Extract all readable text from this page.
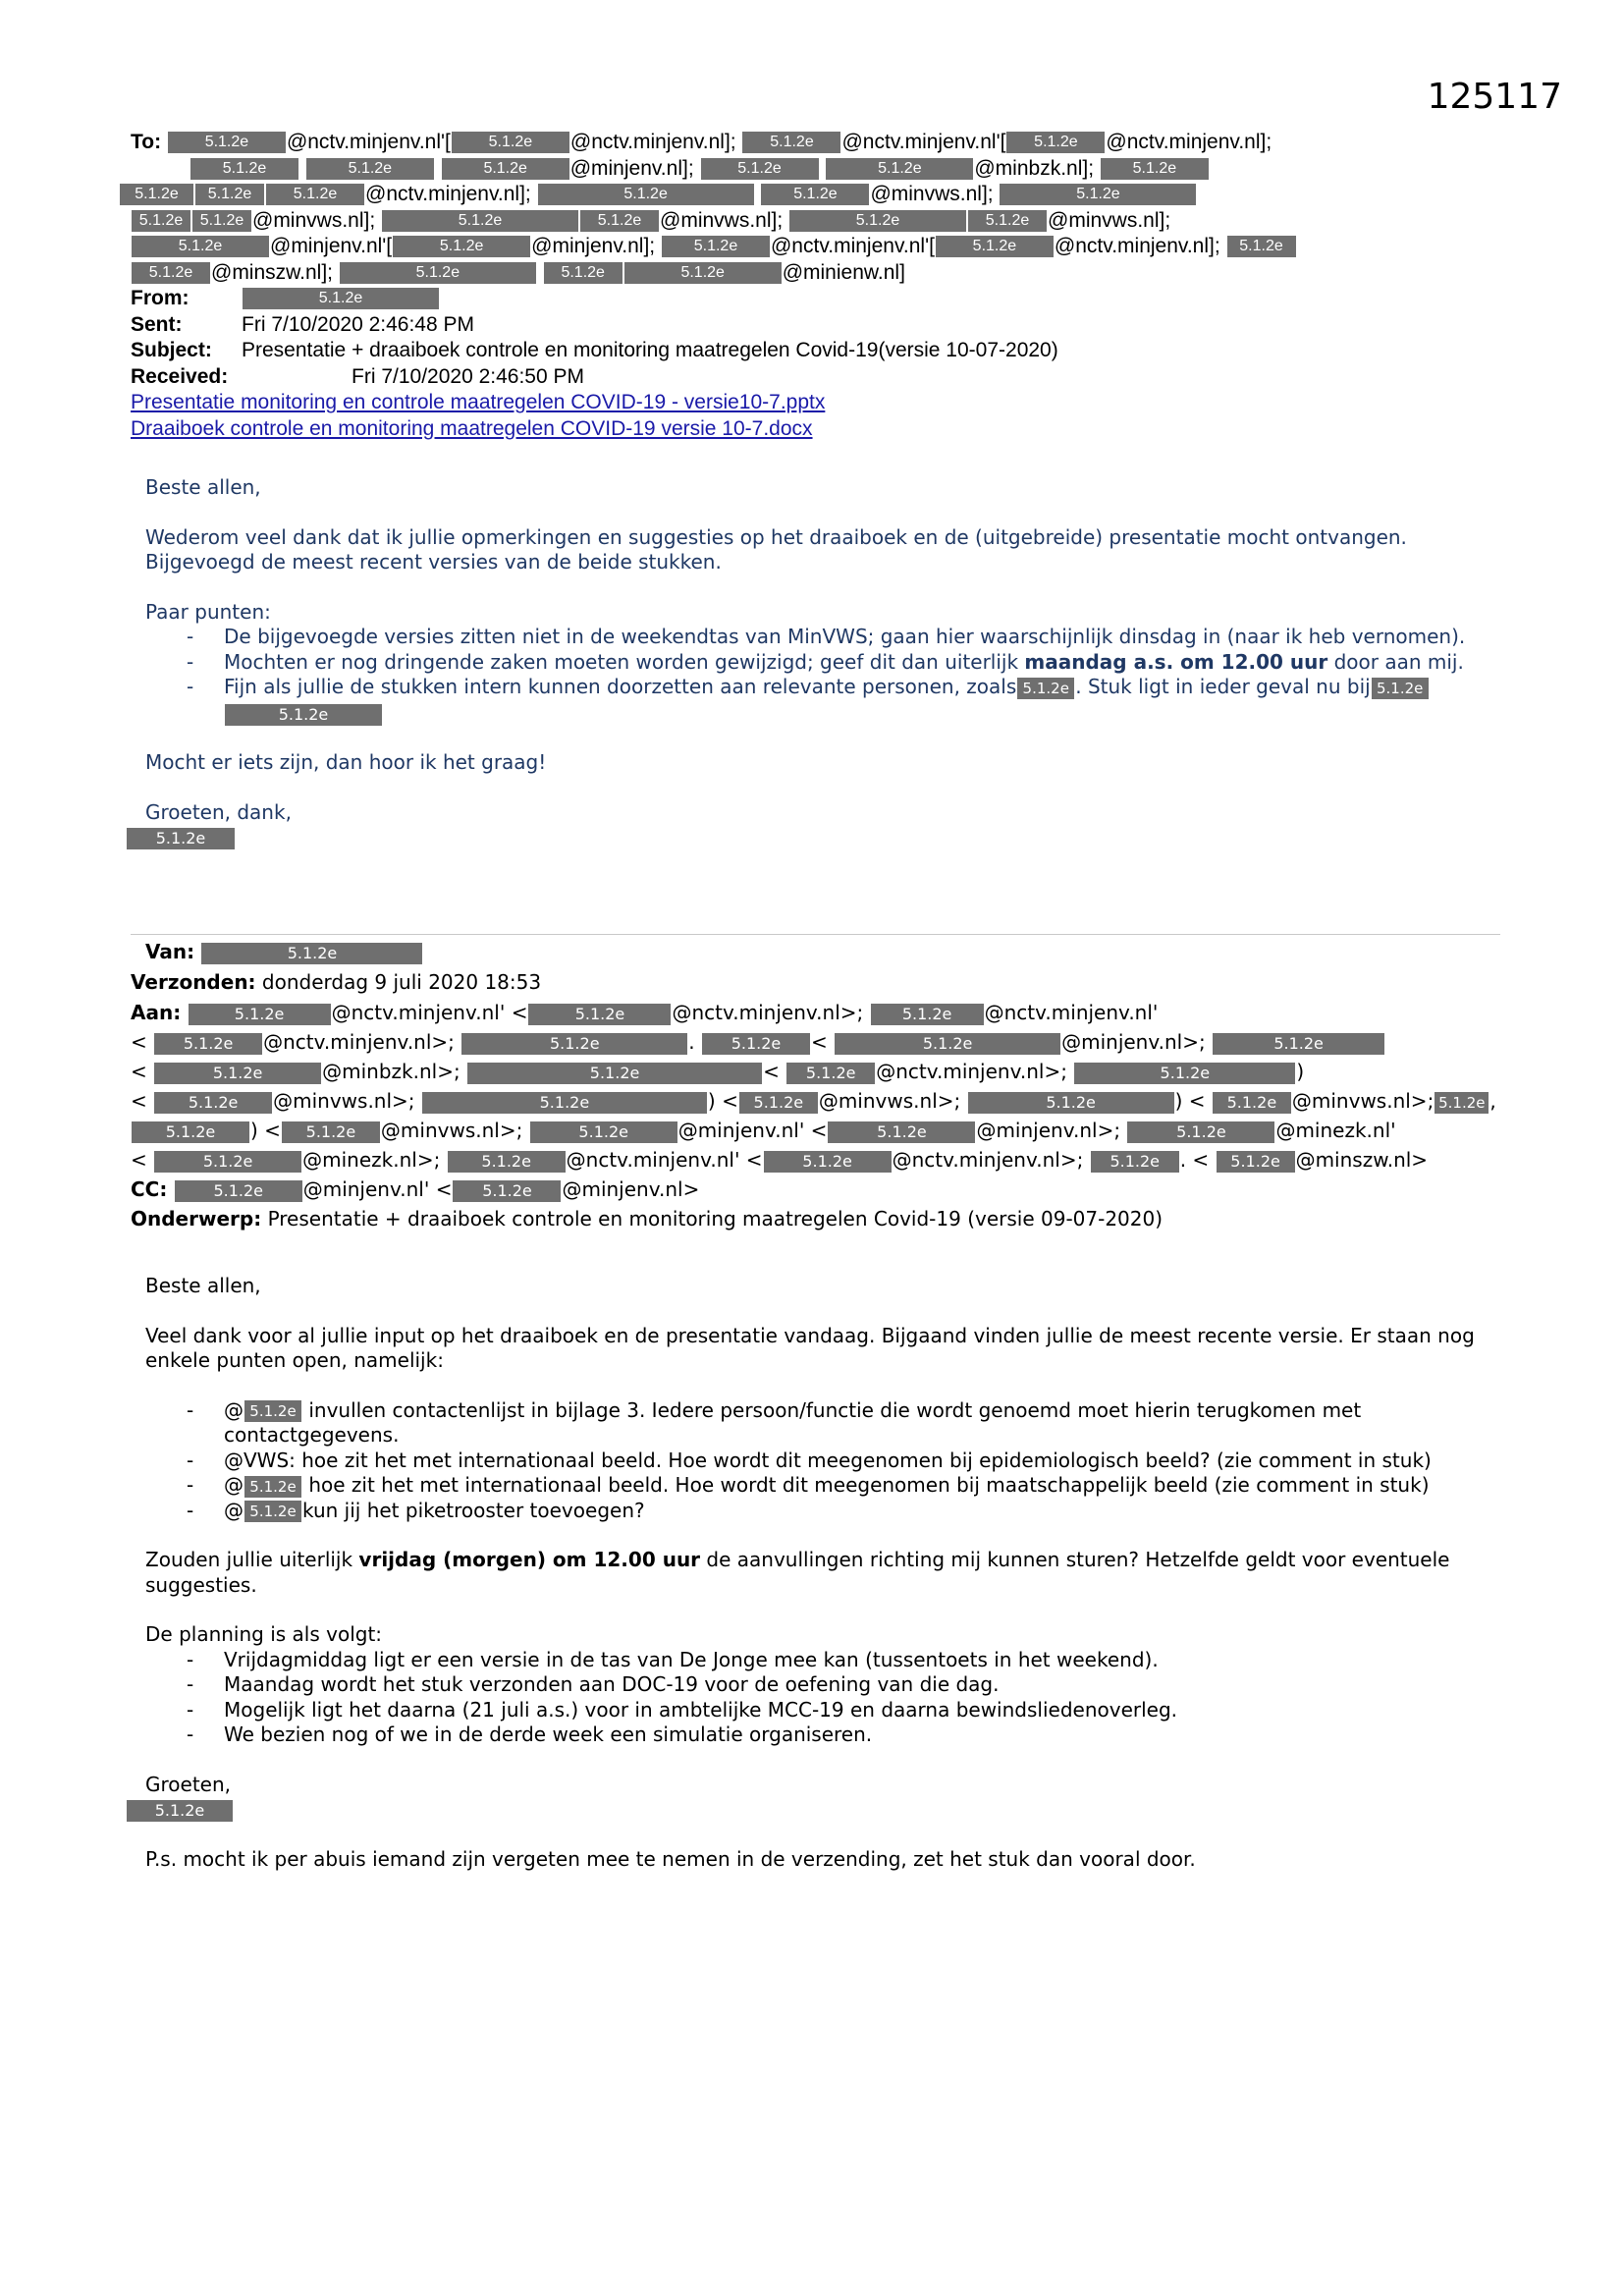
125117
To:	5.1.2e @nctv.minjenv.nl'[ 5.1.2e @nctv.minjenv.nl]; 5.1.2e @nctv.minjenv.nl'[ 5.1.2e @nctv.minjenv.nl];
5.1.2e	5.1.2e	5.1.2e @minjenv.nl];	5.1.2e	5.1.2e	@minbzk.nl]; 5.1.2e
5.1.2e 5.1.2e	5.1.2e @nctv.minjenv.nl];	5.1.2e	5.1.2e @minvws.nl];	5.1.2e
5.1.2e 5.1.2e @minvws.nl];	5.1.2e	5.1.2e @minvws.nl];	5.1.2e	5.1.2e @minvws.nl];
5.1.2e @minjenv.nl'[	5.1.2e @minjenv.nl]; 5.1.2e @nctv.minjenv.nl'[ 5.1.2e @nctv.minjenv.nl]; 5.1.2e
5.1.2e @minszw.nl];	5.1.2e	5.1.2e	5.1.2e	@minienw.nl]
From:	5.1.2e
Sent:	Fri 7/10/2020 2:46:48 PM
Subject: Presentatie + draaiboek controle en monitoring maatregelen Covid-19(versie 10-07-2020)
Received:	Fri 7/10/2020 2:46:50 PM
Presentatie monitoring en controle maatregelen COVID-19 - versie10-7.pptx
Draaiboek controle en monitoring maatregelen COVID-19 versie 10-7.docx

Beste allen,

Wederom veel dank dat ik jullie opmerkingen en suggesties op het draaiboek en de (uitgebreide) presentatie mocht ontvangen. Bijgevoegd de meest recent versies van de beide stukken.

Paar punten:
- De bijgevoegde versies zitten niet in de weekendtas van MinVWS; gaan hier waarschijnlijk dinsdag in (naar ik heb vernomen).
- Mochten er nog dringende zaken moeten worden gewijzigd; geef dit dan uiterlijk maandag a.s. om 12.00 uur door aan mij.
- Fijn als jullie de stukken intern kunnen doorzetten aan relevante personen, zoals 5.1.2e . Stuk ligt in ieder geval nu bij 5.1.2e
5.1.2e

Mocht er iets zijn, dan hoor ik het graag!

Groeten, dank,
5.1.2e
Van:	5.1.2e
Verzonden: donderdag 9 juli 2020 18:53
Aan:	5.1.2e @nctv.minjenv.nl' <	5.1.2e @nctv.minjenv.nl>; 5.1.2e @nctv.minjenv.nl'
< 5.1.2e @nctv.minjenv.nl>;	5.1.2e	. 5.1.2e <	5.1.2e	@minjenv.nl>;	5.1.2e
<	5.1.2e	@minbzk.nl>;	5.1.2e	< 5.1.2e @nctv.minjenv.nl>;	5.1.2e	)
< 5.1.2e @minvws.nl>;	5.1.2e	) < 5.1.2e @minvws.nl>;	5.1.2e	) < 5.1.2e @minvws.nl>; 5.1.2e ,
5.1.2e ) < 5.1.2e @minvws.nl>;	5.1.2e	@minjenv.nl' <	5.1.2e	@minjenv.nl>;	5.1.2e	@minezk.nl'
<	5.1.2e	@minezk.nl>; 5.1.2e @nctv.minjenv.nl' <	5.1.2e @nctv.minjenv.nl>; 5.1.2e . < 5.1.2e @minszw.nl>
CC:	5.1.2e @minjenv.nl' < 5.1.2e @minjenv.nl>
Onderwerp: Presentatie + draaiboek controle en monitoring maatregelen Covid-19 (versie 09-07-2020)

Beste allen,

Veel dank voor al jullie input op het draaiboek en de presentatie vandaag. Bijgaand vinden jullie de meest recente versie. Er staan nog enkele punten open, namelijk:

- @ 5.1.2e invullen contactenlijst in bijlage 3. Iedere persoon/functie die wordt genoemd moet hierin terugkomen met contactgegevens.
- @VWS: hoe zit het met internationaal beeld. Hoe wordt dit meegenomen bij epidemiologisch beeld? (zie comment in stuk)
- @ 5.1.2e hoe zit het met internationaal beeld. Hoe wordt dit meegenomen bij maatschappelijk beeld (zie comment in stuk)
- @ 5.1.2e kun jij het piketrooster toevoegen?

Zouden jullie uiterlijk vrijdag (morgen) om 12.00 uur de aanvullingen richting mij kunnen sturen? Hetzelfde geldt voor eventuele suggesties.

De planning is als volgt:
- Vrijdagmiddag ligt er een versie in de tas van De Jonge mee kan (tussentoets in het weekend).
- Maandag wordt het stuk verzonden aan DOC-19 voor de oefening van die dag.
- Mogelijk ligt het daarna (21 juli a.s.) voor in ambtelijke MCC-19 en daarna bewindsliedenoverleg.
- We bezien nog of we in de derde week een simulatie organiseren.
Groeten,
5.1.2e
P.s. mocht ik per abuis iemand zijn vergeten mee te nemen in de verzending, zet het stuk dan vooral door.
